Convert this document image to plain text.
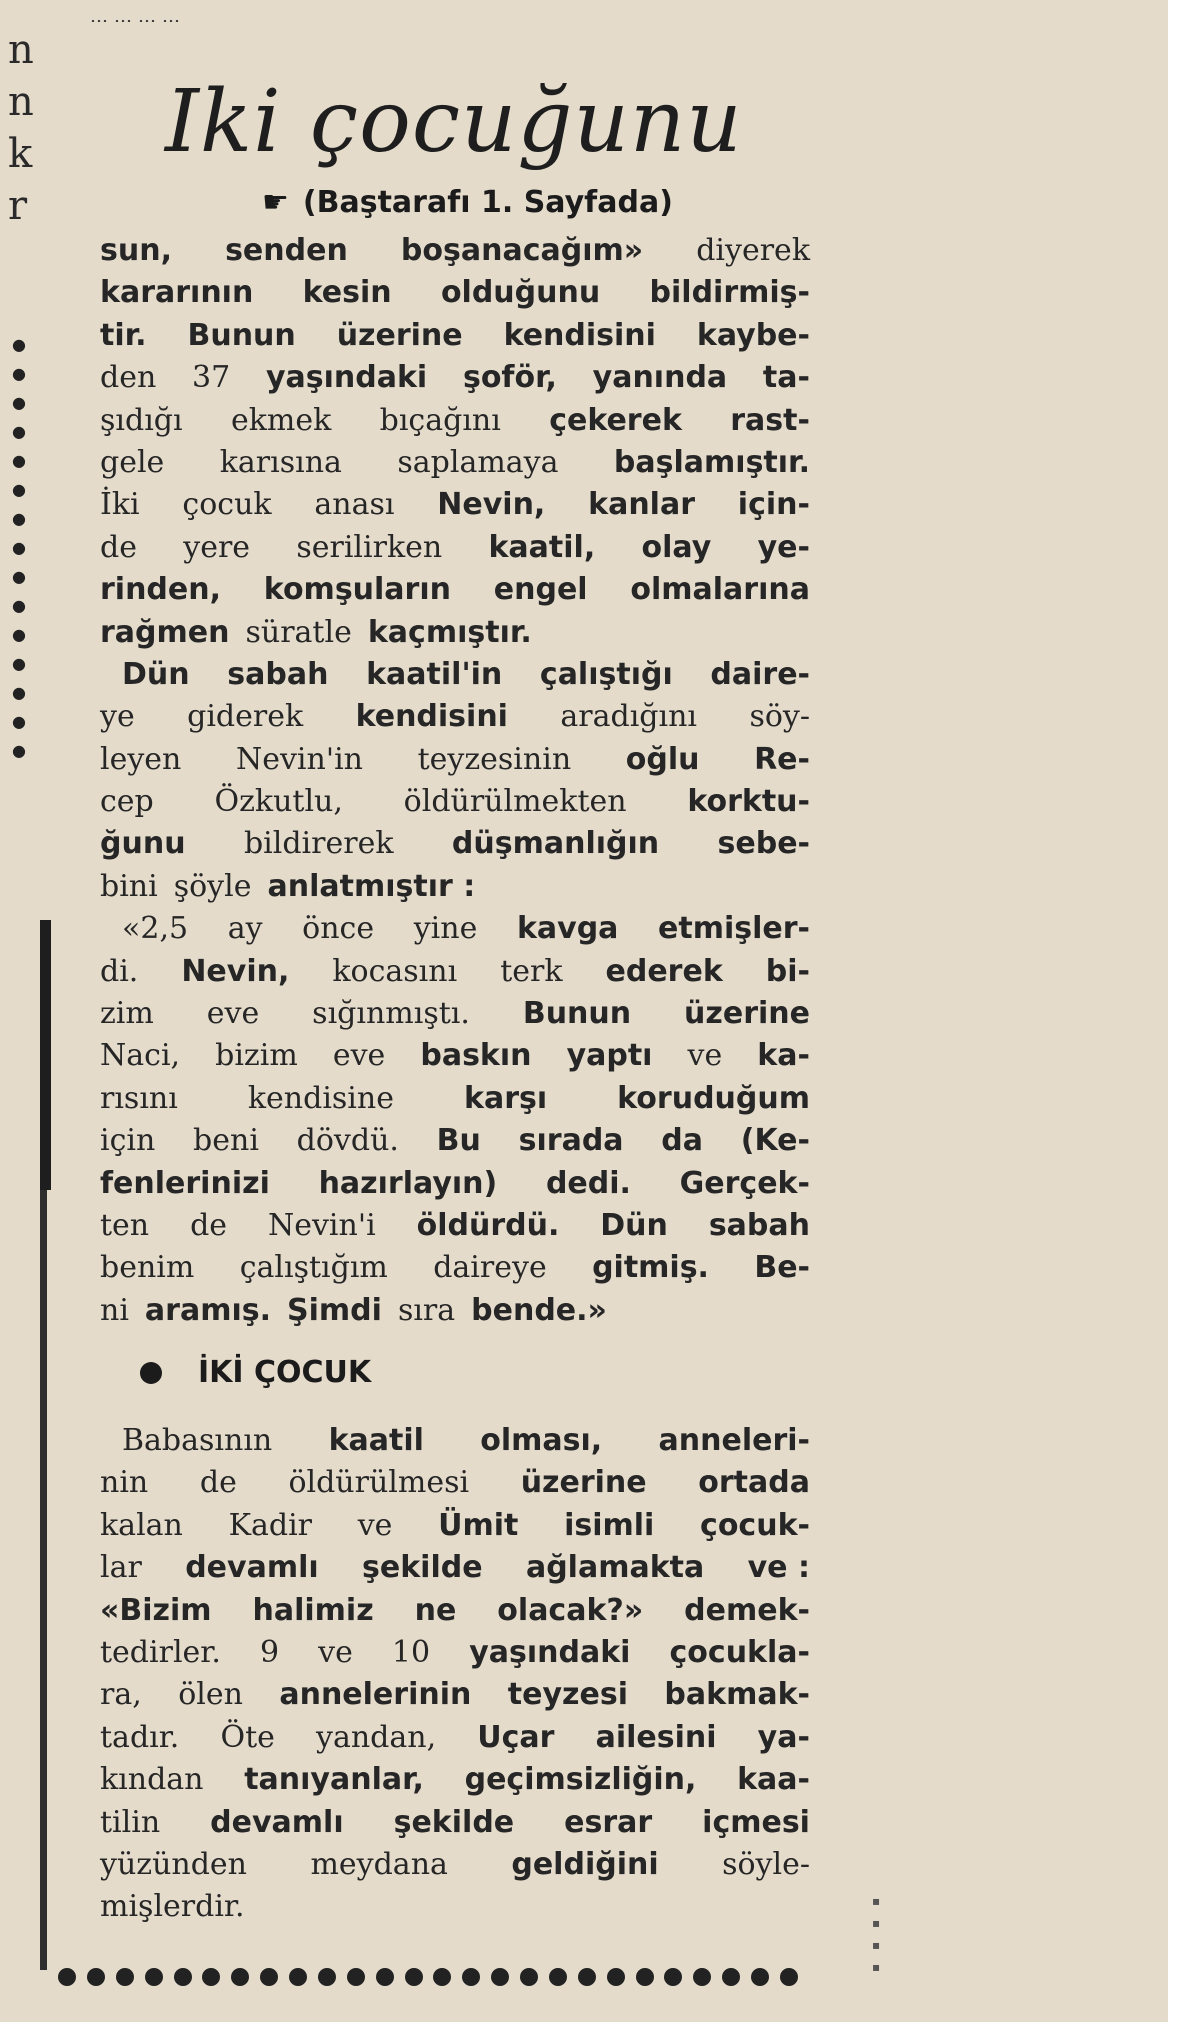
…………
n
n
k
r
●
●
●
●
●
●
●
●
●
●
●
●
●
●
●
Iki çocuğunu
☛ (Baştarafı 1. Sayfada)
sun, senden boşanacağım» diyerek
kararının kesin olduğunu bildirmiş-
tir. Bunun üzerine kendisini kaybe-
den 37 yaşındaki şoför, yanında ta-
şıdığı ekmek bıçağını çekerek rast-
gele karısına saplamaya başlamıştır.
İki çocuk anası Nevin, kanlar için-
de yere serilirken kaatil, olay ye-
rinden, komşuların engel olmalarına
rağmen süratle kaçmıştır.
Dün sabah kaatil'in çalıştığı daire-
ye giderek kendisini aradığını söy-
leyen Nevin'in teyzesinin oğlu Re-
cep Özkutlu, öldürülmekten korktu-
ğunu bildirerek düşmanlığın sebe-
bini şöyle anlatmıştır :
«2,5 ay önce yine kavga etmişler-
di. Nevin, kocasını terk ederek bi-
zim eve sığınmıştı. Bunun üzerine
Naci, bizim eve baskın yaptı ve ka-
rısını kendisine karşı koruduğum
için beni dövdü. Bu sırada da (Ke-
fenlerinizi hazırlayın) dedi. Gerçek-
ten de Nevin'i öldürdü. Dün sabah
benim çalıştığım daireye gitmiş. Be-
ni aramış. Şimdi sıra bende.»
İKİ ÇOCUK
Babasının kaatil olması, anneleri-
nin de öldürülmesi üzerine ortada
kalan Kadir ve Ümit isimli çocuk-
lar devamlı şekilde ağlamakta ve :
«Bizim halimiz ne olacak?» demek-
tedirler. 9 ve 10 yaşındaki çocukla-
ra, ölen annelerinin teyzesi bakmak-
tadır. Öte yandan, Uçar ailesini ya-
kından tanıyanlar, geçimsizliğin, kaa-
tilin devamlı şekilde esrar içmesi
yüzünden meydana geldiğini söyle-
mişlerdir.	▪
▪
▪
▪
